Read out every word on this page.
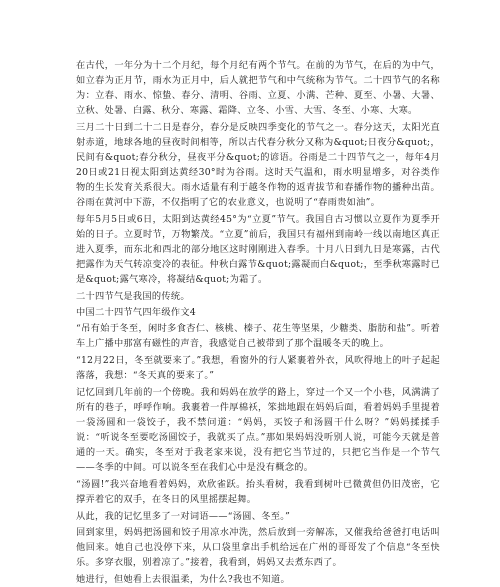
在古代，一年分为十二个月纪，每个月纪有两个节气。在前的为节气，在后的为中气，如立春为正月节，雨水为正月中，后人就把节气和中气统称为节气。二十四节气的名称为：立春、雨水、惊蛰、春分、清明、谷雨、立夏、小满、芒种、夏至、小暑、大暑、立秋、处暑、白露、秋分、寒露、霜降、立冬、小雪、大雪、冬至、小寒、大寒。

三月二十日到二十二日是春分，春分是反映四季变化的节气之一。春分这天，太阳光直射赤道，地球各地的昼夜时间相等，所以古代春分秋分又称为&quot;日夜分&quot;，民间有&quot;春分秋分，昼夜平分&quot;的谚语。谷雨是二十四节气之一，每年4月20日或21日视太阳到达黄经30°时为谷雨。这时天气温和，雨水明显增多，对谷类作物的生长发育关系很大。雨水适量有利于越冬作物的返青拔节和春播作物的播种出苗。谷雨在黄河中下游，不仅指明了它的农业意义，也说明了“春雨贵如油”。

每年5月5日或6日，太阳到达黄经45°为“立夏”节气。我国自古习惯以立夏作为夏季开始的日子。立夏时节，万物繁茂。“立夏”前后，我国只有福州到南岭一线以南地区真正进入夏季，而东北和西北的部分地区这时刚刚进入春季。十月八日到九日是寒露，古代把露作为天气转凉变冷的表征。仲秋白露节&quot;露凝而白&quot;，至季秋寒露时已是&quot;露气寒冷，将凝结&quot;为霜了。

二十四节气是我国的传统。

中国二十四节气四年级作文4

“吊有始于冬至，闲时多食杏仁、核桃、榛子、花生等坚果，少糖类、脂肪和盐”。听着车上广播中那富有磁性的声音，我感觉自己被带到了那个温暖冬天的晚上。

“12月22日，冬至就要来了。”我想，看窗外的行人紧裹着外衣，风吹得地上的叶子起起落落，我想：“冬天真的要来了。”

记忆回到几年前的一个傍晚。我和妈妈在放学的路上，穿过一个又一个小巷，风满满了所有的巷子，呼呼作响。我裹着一件厚棉袄，笨拙地跟在妈妈后面，看着妈妈手里提着一袋汤圆和一袋饺子，我不禁问道：“妈妈，买饺子和汤圆干什么呀？”妈妈揉揉手说：“听说冬至要吃汤圆饺子，我就买了点。”那如果妈妈没听别人说，可能今天就是普通的一天。确实，冬至对于我老家来说，没有把它当节过的，只把它当作是一个节气——冬季的中间。可以说冬至在我们心中是没有概念的。

“汤圆!”我兴奋地看着妈妈，欢欣雀跃。抬头看树，我看到树叶已微黄但仍旧茂密，它撑弄着它的双手，在冬日的风里摇摆起舞。

从此，我的记忆里多了一对词语——“汤圆、冬至。”

回到家里，妈妈把汤圆和饺子用凉水冲洗，然后放到一旁解冻，又催我给爸爸打电话叫他回来。她自己也没停下来，从口袋里拿出手机给远在广州的哥哥发了个信息“冬至快乐。多穿衣服，别着凉了。”接着，我看到，妈妈又去煮东西了。

她进行，但她看上去很温柔，为什么?我也不知道。
